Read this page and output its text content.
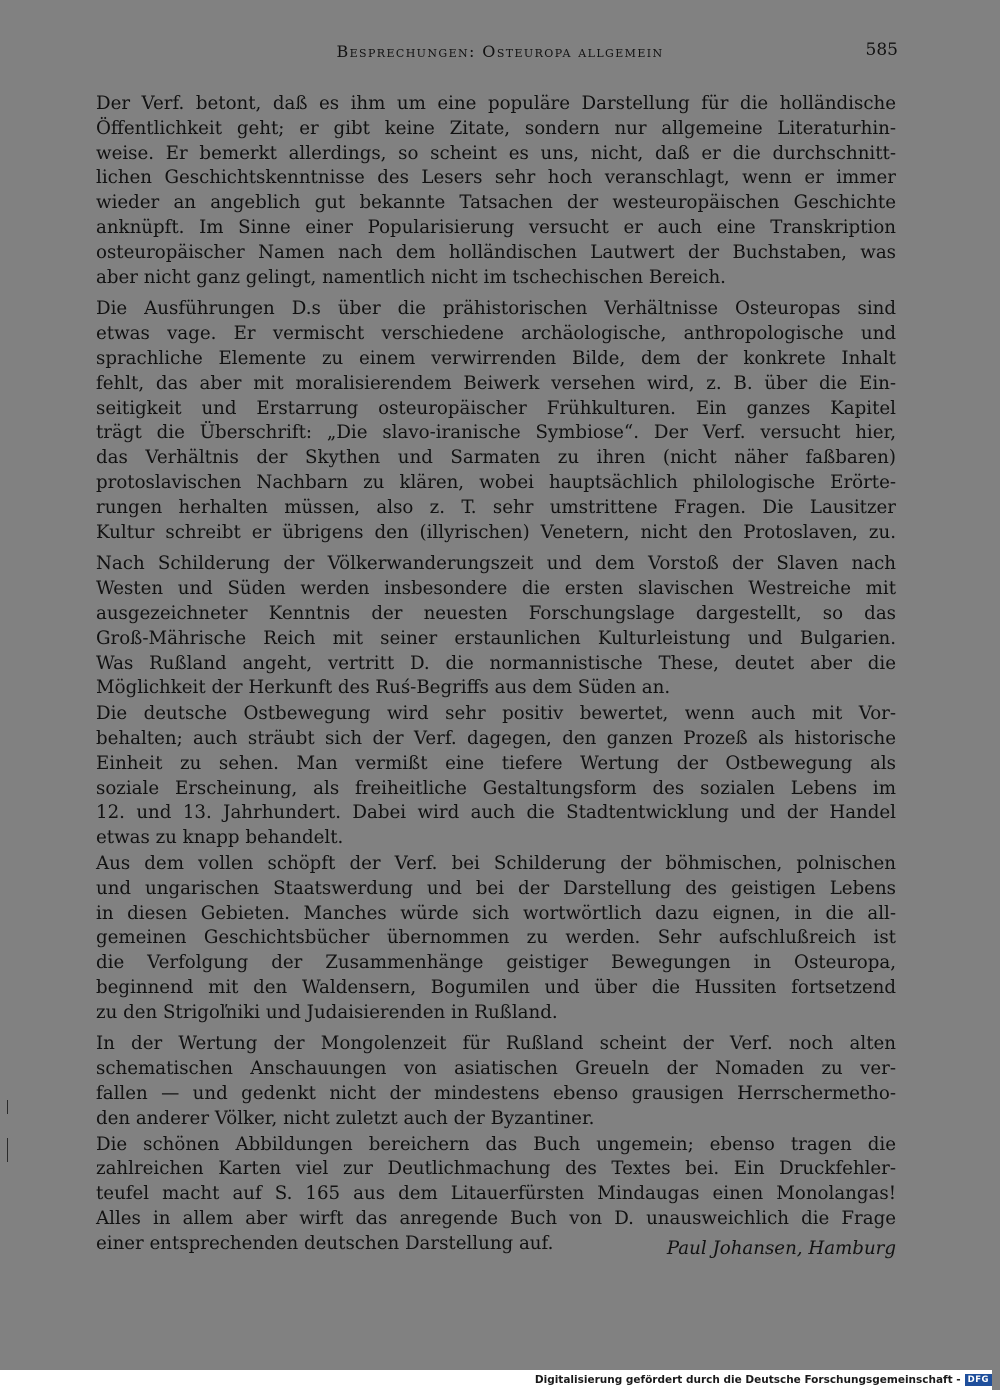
Besprechungen: Osteuropa allgemein	585
Der Verf. betont, daß es ihm um eine populäre Darstellung für die holländische
Öffentlichkeit geht; er gibt keine Zitate, sondern nur allgemeine Literaturhin-
weise. Er bemerkt allerdings, so scheint es uns, nicht, daß er die durchschnitt-
lichen Geschichtskenntnisse des Lesers sehr hoch veranschlagt, wenn er immer
wieder an angeblich gut bekannte Tatsachen der westeuropäischen Geschichte
anknüpft. Im Sinne einer Popularisierung versucht er auch eine Transkription
osteuropäischer Namen nach dem holländischen Lautwert der Buchstaben, was
aber nicht ganz gelingt, namentlich nicht im tschechischen Bereich.
Die Ausführungen D.s über die prähistorischen Verhältnisse Osteuropas sind
etwas vage. Er vermischt verschiedene archäologische, anthropologische und
sprachliche Elemente zu einem verwirrenden Bilde, dem der konkrete Inhalt
fehlt, das aber mit moralisierendem Beiwerk versehen wird, z. B. über die Ein-
seitigkeit und Erstarrung osteuropäischer Frühkulturen. Ein ganzes Kapitel
trägt die Überschrift: „Die slavo-iranische Symbiose“. Der Verf. versucht hier,
das Verhältnis der Skythen und Sarmaten zu ihren (nicht näher faßbaren)
protoslavischen Nachbarn zu klären, wobei hauptsächlich philologische Erörte-
rungen herhalten müssen, also z. T. sehr umstrittene Fragen. Die Lausitzer
Kultur schreibt er übrigens den (illyrischen) Venetern, nicht den Protoslaven, zu.
Nach Schilderung der Völkerwanderungszeit und dem Vorstoß der Slaven nach
Westen und Süden werden insbesondere die ersten slavischen Westreiche mit
ausgezeichneter Kenntnis der neuesten Forschungslage dargestellt, so das
Groß-Mährische Reich mit seiner erstaunlichen Kulturleistung und Bulgarien.
Was Rußland angeht, vertritt D. die normannistische These, deutet aber die
Möglichkeit der Herkunft des Ruś-Begriffs aus dem Süden an.
Die deutsche Ostbewegung wird sehr positiv bewertet, wenn auch mit Vor-
behalten; auch sträubt sich der Verf. dagegen, den ganzen Prozeß als historische
Einheit zu sehen. Man vermißt eine tiefere Wertung der Ostbewegung als
soziale Erscheinung, als freiheitliche Gestaltungsform des sozialen Lebens im
12. und 13. Jahrhundert. Dabei wird auch die Stadtentwicklung und der Handel
etwas zu knapp behandelt.
Aus dem vollen schöpft der Verf. bei Schilderung der böhmischen, polnischen
und ungarischen Staatswerdung und bei der Darstellung des geistigen Lebens
in diesen Gebieten. Manches würde sich wortwörtlich dazu eignen, in die all-
gemeinen Geschichtsbücher übernommen zu werden. Sehr aufschlußreich ist
die Verfolgung der Zusammenhänge geistiger Bewegungen in Osteuropa,
beginnend mit den Waldensern, Bogumilen und über die Hussiten fortsetzend
zu den Strigoľniki und Judaisierenden in Rußland.
In der Wertung der Mongolenzeit für Rußland scheint der Verf. noch alten
schematischen Anschauungen von asiatischen Greueln der Nomaden zu ver-
fallen — und gedenkt nicht der mindestens ebenso grausigen Herrschermetho-
den anderer Völker, nicht zuletzt auch der Byzantiner.
Die schönen Abbildungen bereichern das Buch ungemein; ebenso tragen die
zahlreichen Karten viel zur Deutlichmachung des Textes bei. Ein Druckfehler-
teufel macht auf S. 165 aus dem Litauerfürsten Mindaugas einen Monolangas!
Alles in allem aber wirft das anregende Buch von D. unausweichlich die Frage
einer entsprechenden deutschen Darstellung auf.	Paul Johansen, Hamburg
Digitalisierung gefördert durch die Deutsche Forschungsgemeinschaft - DFG
